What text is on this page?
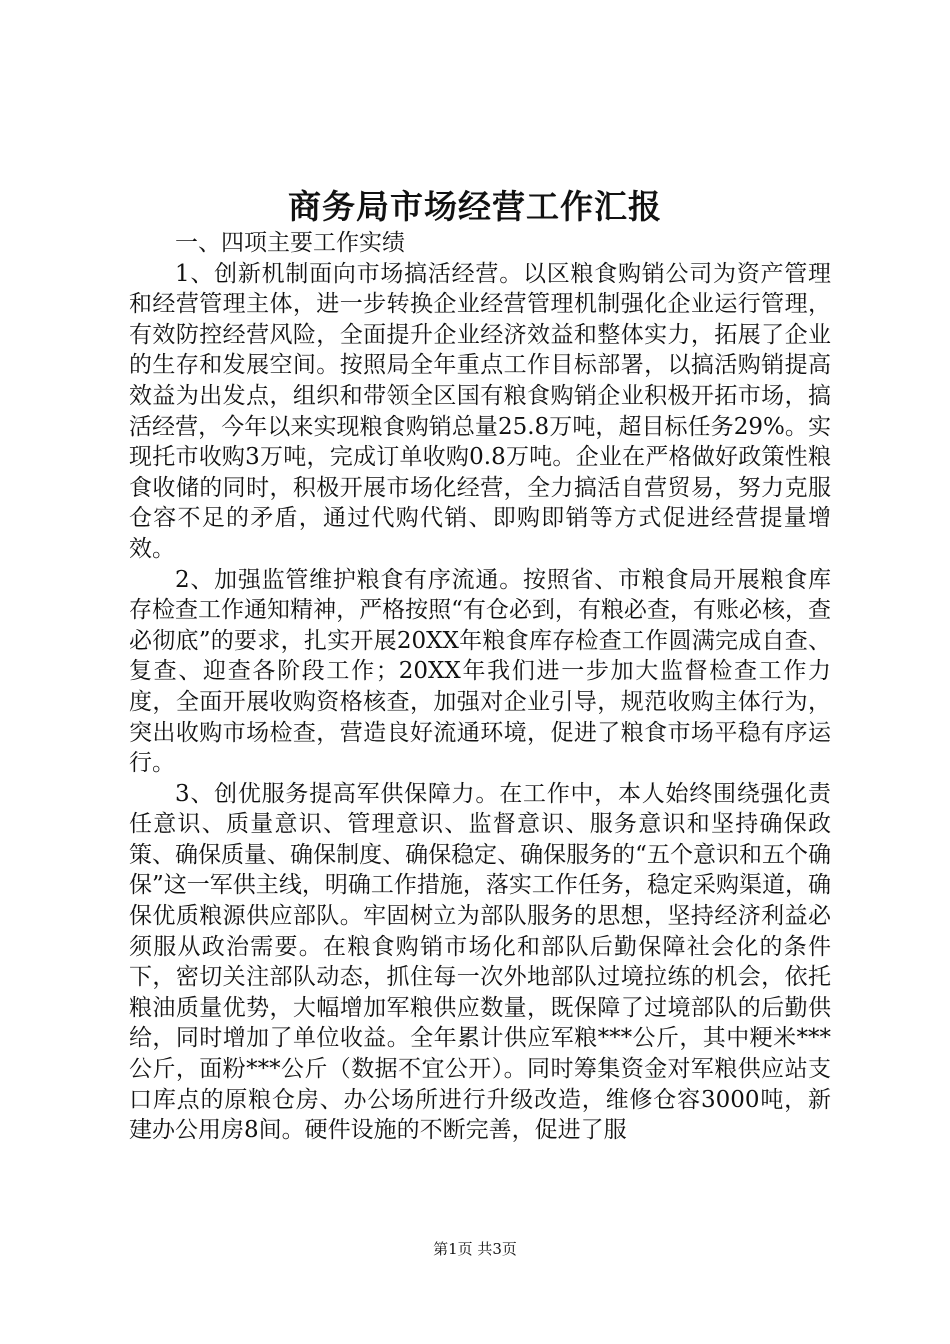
商务局市场经营工作汇报

一、四项主要工作实绩

1、创新机制面向市场搞活经营。以区粮食购销公司为资产管理和经营管理主体，进一步转换企业经营管理机制强化企业运行管理，有效防控经营风险，全面提升企业经济效益和整体实力，拓展了企业的生存和发展空间。按照局全年重点工作目标部署，以搞活购销提高效益为出发点，组织和带领全区国有粮食购销企业积极开拓市场，搞活经营，今年以来实现粮食购销总量25.8万吨，超目标任务29%。实现托市收购3万吨，完成订单收购0.8万吨。企业在严格做好政策性粮食收储的同时，积极开展市场化经营，全力搞活自营贸易，努力克服仓容不足的矛盾，通过代购代销、即购即销等方式促进经营提量增效。

2、加强监管维护粮食有序流通。按照省、市粮食局开展粮食库存检查工作通知精神，严格按照“有仓必到，有粮必查，有账必核，查必彻底”的要求，扎实开展20XX年粮食库存检查工作圆满完成自查、复查、迎查各阶段工作；20XX年我们进一步加大监督检查工作力度，全面开展收购资格核查，加强对企业引导，规范收购主体行为，突出收购市场检查，营造良好流通环境，促进了粮食市场平稳有序运行。

3、创优服务提高军供保障力。在工作中，本人始终围绕强化责任意识、质量意识、管理意识、监督意识、服务意识和坚持确保政策、确保质量、确保制度、确保稳定、确保服务的“五个意识和五个确保”这一军供主线，明确工作措施，落实工作任务，稳定采购渠道，确保优质粮源供应部队。牢固树立为部队服务的思想，坚持经济利益必须服从政治需要。在粮食购销市场化和部队后勤保障社会化的条件下，密切关注部队动态，抓住每一次外地部队过境拉练的机会，依托粮油质量优势，大幅增加军粮供应数量，既保障了过境部队的后勤供给，同时增加了单位收益。全年累计供应军粮***公斤，其中粳米***公斤，面粉***公斤（数据不宜公开）。同时筹集资金对军粮供应站支口库点的原粮仓房、办公场所进行升级改造，维修仓容3000吨，新建办公用房8间。硬件设施的不断完善，促进了服

第1页 共3页
